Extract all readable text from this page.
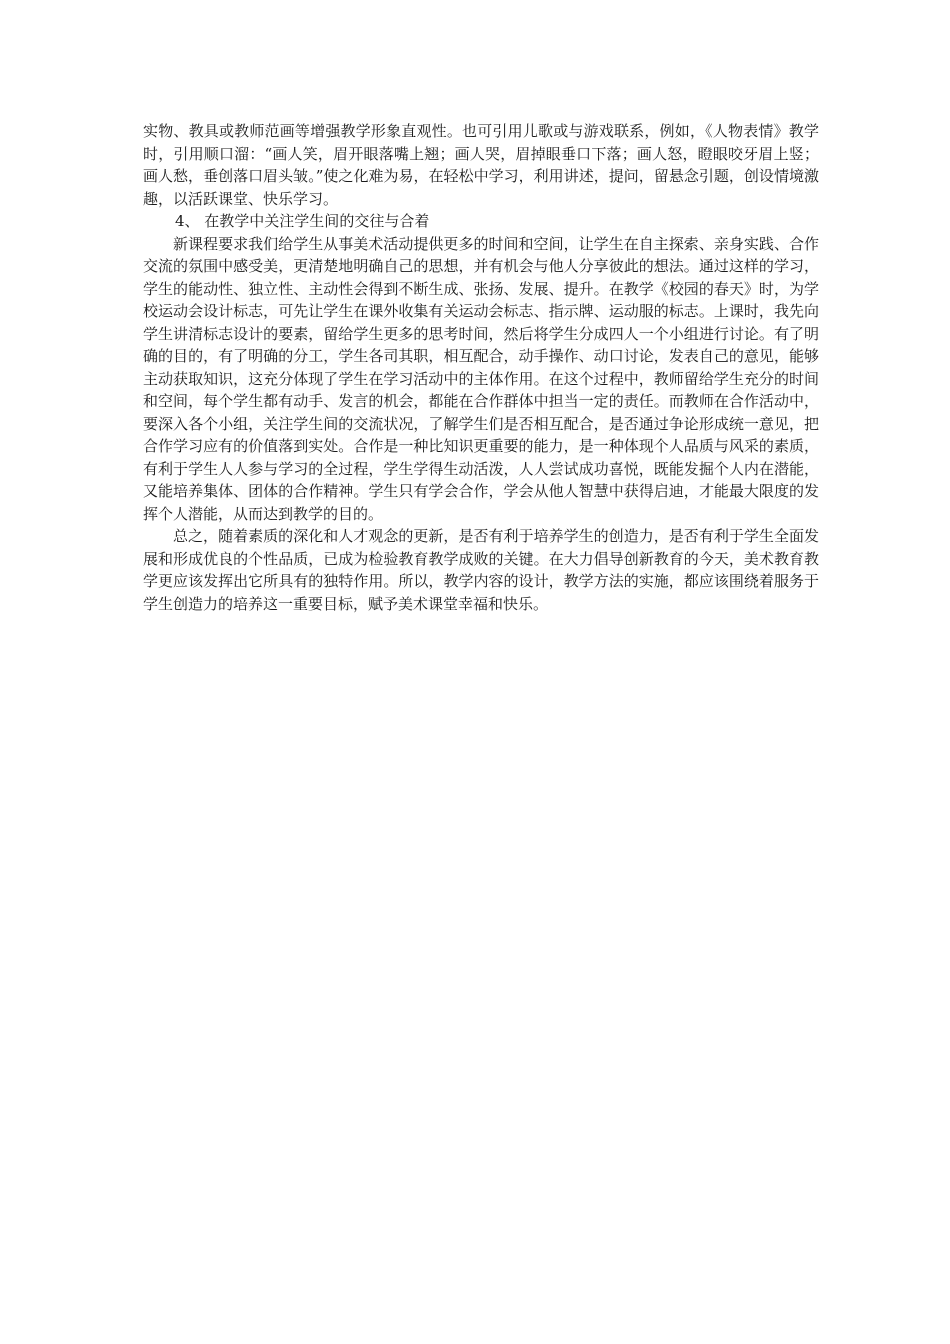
实物、教具或教师范画等增强教学形象直观性。也可引用儿歌或与游戏联系，例如，《人物表情》教学时，引用顺口溜：“画人笑，眉开眼落嘴上翘；画人哭，眉掉眼垂口下落；画人怒，瞪眼咬牙眉上竖；画人愁，垂创落口眉头皱。”使之化难为易，在轻松中学习，利用讲述，提问，留悬念引题，创设情境激趣，以活跃课堂、快乐学习。

4、 在教学中关注学生间的交往与合着

新课程要求我们给学生从事美术活动提供更多的时间和空间，让学生在自主探索、亲身实践、合作交流的氛围中感受美，更清楚地明确自己的思想，并有机会与他人分享彼此的想法。通过这样的学习，学生的能动性、独立性、主动性会得到不断生成、张扬、发展、提升。在教学《校园的春天》时，为学校运动会设计标志，可先让学生在课外收集有关运动会标志、指示牌、运动服的标志。上课时，我先向学生讲清标志设计的要素，留给学生更多的思考时间，然后将学生分成四人一个小组进行讨论。有了明确的目的，有了明确的分工，学生各司其职，相互配合，动手操作、动口讨论，发表自己的意见，能够主动获取知识，这充分体现了学生在学习活动中的主体作用。在这个过程中，教师留给学生充分的时间和空间，每个学生都有动手、发言的机会，都能在合作群体中担当一定的责任。而教师在合作活动中，要深入各个小组，关注学生间的交流状况，了解学生们是否相互配合，是否通过争论形成统一意见，把合作学习应有的价值落到实处。合作是一种比知识更重要的能力，是一种体现个人品质与风采的素质，有利于学生人人参与学习的全过程，学生学得生动活泼，人人尝试成功喜悦，既能发掘个人内在潜能，又能培养集体、团体的合作精神。学生只有学会合作，学会从他人智慧中获得启迪，才能最大限度的发挥个人潜能，从而达到教学的目的。

总之，随着素质的深化和人才观念的更新，是否有利于培养学生的创造力，是否有利于学生全面发展和形成优良的个性品质，已成为检验教育教学成败的关键。在大力倡导创新教育的今天，美术教育教学更应该发挥出它所具有的独特作用。所以，教学内容的设计，教学方法的实施，都应该围绕着服务于学生创造力的培养这一重要目标，赋予美术课堂幸福和快乐。
